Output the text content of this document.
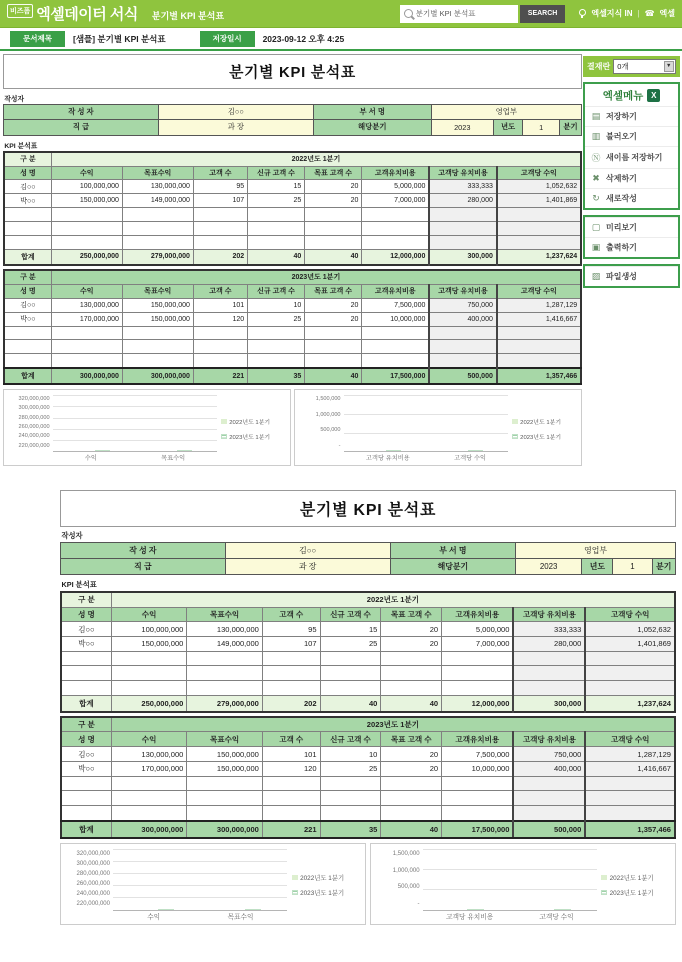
비즈폼 엑셀데이터 서식 분기별 KPI 분석표
분기별 KPI 분석표	SEARCH	엑셀지식 IN | ☎ 엑셀
문서제목	[샘플] 분기별 KPI 분석표	저장일시	2023-09-12 오후 4:25
결재란 0개	▼
엑셀메뉴 X
▤ 저장하기
▥ 불러오기
Ⓝ 새이름 저장하기
✖ 삭제하기
↻ 새로작성
▢ 미리보기
▣ 출력하기
▨ 파일생성
분기별 KPI 분석표
작성자
작 성 자	김○○	부 서 명	영업부
직 급	과 장	해당분기	2023 년도 1 분기
KPI 분석표
구 분	2022년도 1분기							
성 명	수익	목표수익	고객 수	신규 고객 수	목표 고객 수	고객유치비용	고객당 유치비용	고객당 수익
김○○	100,000,000	130,000,000	95	15	20	5,000,000	333,333	1,052,632
박○○	150,000,000	149,000,000	107	25	20	7,000,000	280,000	1,401,869

합계	250,000,000	279,000,000	202	40	40	12,000,000	300,000	1,237,624
구 분	2023년도 1분기							
성 명	수익	목표수익	고객 수	신규 고객 수	목표 고객 수	고객유치비용	고객당 유치비용	고객당 수익
김○○	130,000,000	150,000,000	101	10	20	7,500,000	750,000	1,287,129
박○○	170,000,000	150,000,000	120	25	20	10,000,000	400,000	1,416,667

합계	300,000,000	300,000,000	221	35	40	17,500,000	500,000	1,357,466
320,000,000
300,000,000
280,000,000
260,000,000
240,000,000
220,000,000
수익	목표수익
2022년도 1분기
2023년도 1분기
1,500,000
1,000,000
500,000
-
고객당 유치비용	고객당 수익
2022년도 1분기
2023년도 1분기
분기별 KPI 분석표
작성자
작 성 자	김○○	부 서 명	영업부
직 급	과 장	해당분기	2023 년도 1 분기
KPI 분석표
구 분	2022년도 1분기							
성 명	수익	목표수익	고객 수	신규 고객 수	목표 고객 수	고객유치비용	고객당 유치비용	고객당 수익
김○○	100,000,000	130,000,000	95	15	20	5,000,000	333,333	1,052,632
박○○	150,000,000	149,000,000	107	25	20	7,000,000	280,000	1,401,869

합계	250,000,000	279,000,000	202	40	40	12,000,000	300,000	1,237,624
구 분	2023년도 1분기							
성 명	수익	목표수익	고객 수	신규 고객 수	목표 고객 수	고객유치비용	고객당 유치비용	고객당 수익
김○○	130,000,000	150,000,000	101	10	20	7,500,000	750,000	1,287,129
박○○	170,000,000	150,000,000	120	25	20	10,000,000	400,000	1,416,667

합계	300,000,000	300,000,000	221	35	40	17,500,000	500,000	1,357,466
320,000,000
300,000,000
280,000,000
260,000,000
240,000,000
220,000,000
수익	목표수익
2022년도 1분기
2023년도 1분기
1,500,000
1,000,000
500,000
-
고객당 유치비용	고객당 수익
2022년도 1분기
2023년도 1분기
